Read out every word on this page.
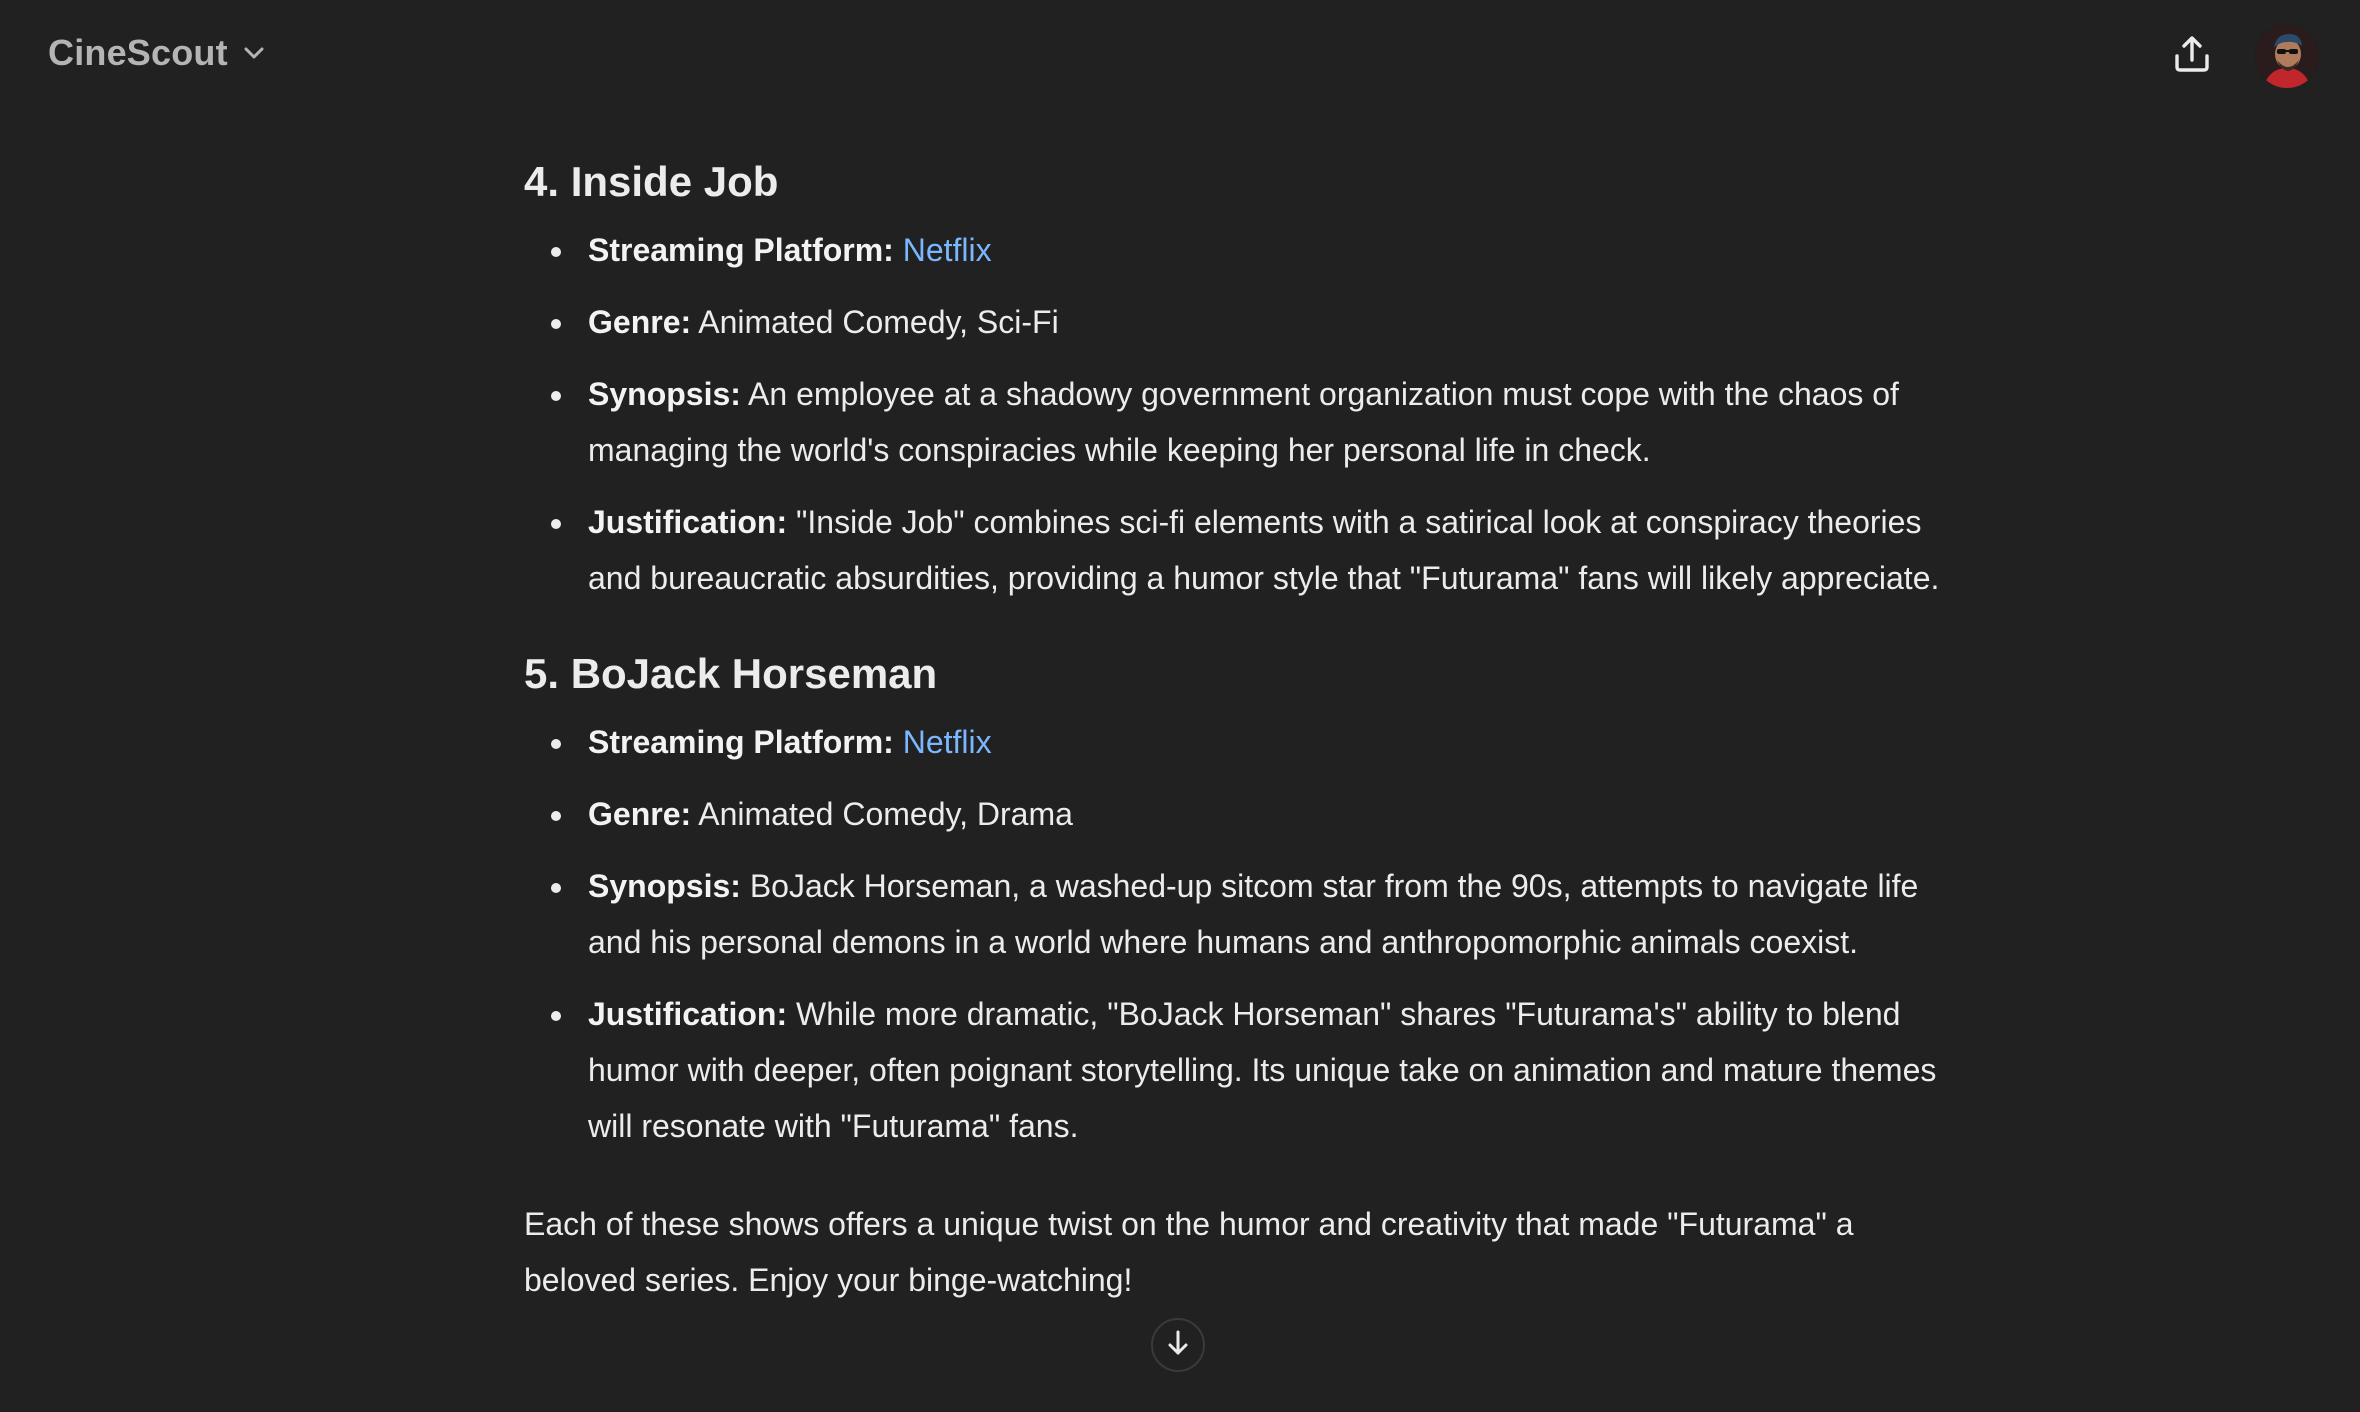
CineScout
4. Inside Job
Streaming Platform: Netflix
Genre: Animated Comedy, Sci-Fi
Synopsis: An employee at a shadowy government organization must cope with the chaos of managing the world's conspiracies while keeping her personal life in check.
Justification: "Inside Job" combines sci-fi elements with a satirical look at conspiracy theories and bureaucratic absurdities, providing a humor style that "Futurama" fans will likely appreciate.
5. BoJack Horseman
Streaming Platform: Netflix
Genre: Animated Comedy, Drama
Synopsis: BoJack Horseman, a washed-up sitcom star from the 90s, attempts to navigate life and his personal demons in a world where humans and anthropomorphic animals coexist.
Justification: While more dramatic, "BoJack Horseman" shares "Futurama's" ability to blend humor with deeper, often poignant storytelling. Its unique take on animation and mature themes will resonate with "Futurama" fans.

Each of these shows offers a unique twist on the humor and creativity that made "Futurama" a beloved series. Enjoy your binge-watching!
